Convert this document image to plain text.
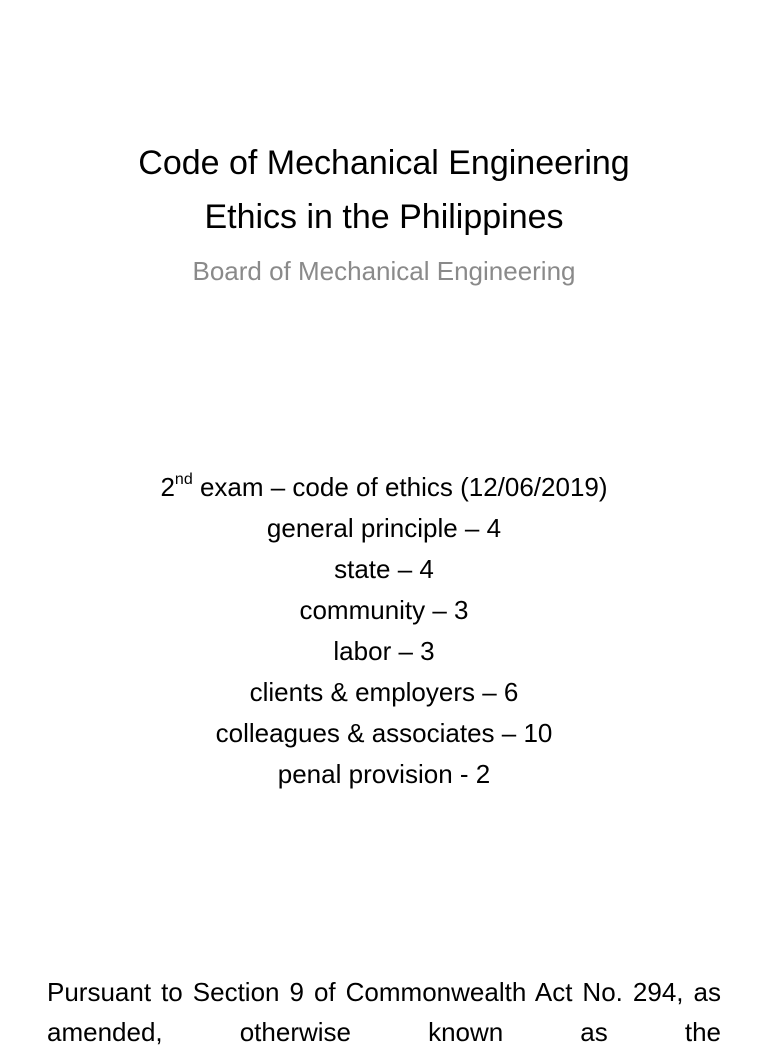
Code of Mechanical Engineering
Ethics in the Philippines
Board of Mechanical Engineering
2nd exam – code of ethics (12/06/2019)
general principle – 4
state – 4
community – 3
labor – 3
clients & employers – 6
colleagues & associates – 10
penal provision - 2
Pursuant to Section 9 of Commonwealth Act No. 294, as amended, otherwise known as the
